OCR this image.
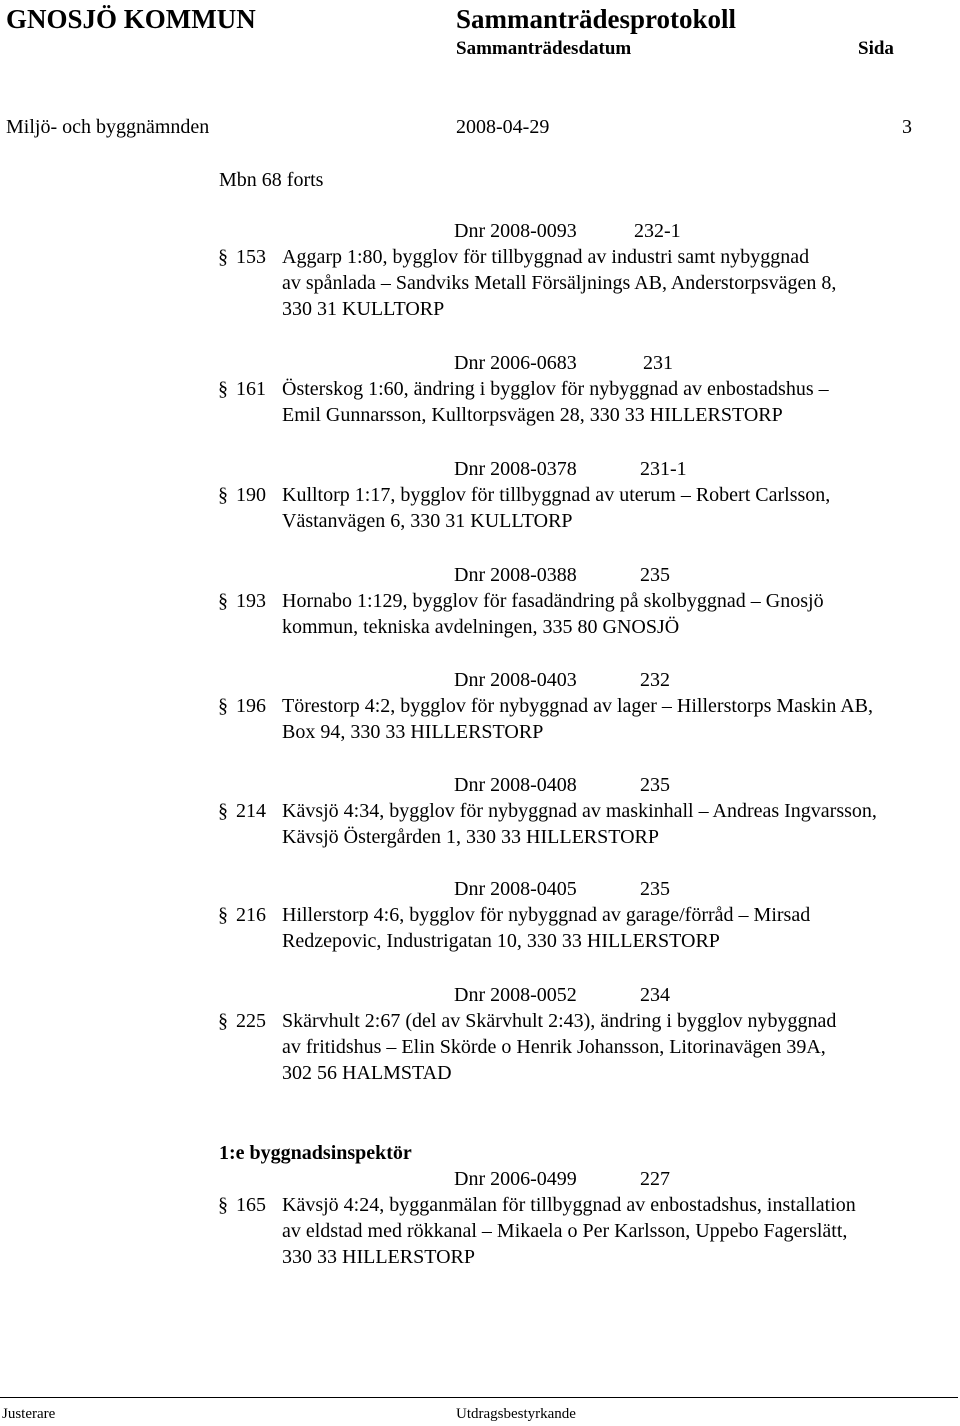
GNOSJÖ KOMMUN	Sammanträdesprotokoll
Sammanträdesdatum	Sida
Miljö- och byggnämnden	2008-04-29	3
Mbn 68 forts
Dnr 2008-0093	232-1
§ 153 Aggarp 1:80, bygglov för tillbyggnad av industri samt nybyggnad
av spånlada – Sandviks Metall Försäljnings AB, Anderstorpsvägen 8,
330 31 KULLTORP
Dnr 2006-0683	231
§ 161 Österskog 1:60, ändring i bygglov för nybyggnad av enbostadshus –
Emil Gunnarsson, Kulltorpsvägen 28, 330 33 HILLERSTORP
Dnr 2008-0378	231-1
§ 190 Kulltorp 1:17, bygglov för tillbyggnad av uterum – Robert Carlsson,
Västanvägen 6, 330 31 KULLTORP
Dnr 2008-0388	235
§ 193 Hornabo 1:129, bygglov för fasadändring på skolbyggnad – Gnosjö
kommun, tekniska avdelningen, 335 80 GNOSJÖ
Dnr 2008-0403	232
§ 196 Törestorp 4:2, bygglov för nybyggnad av lager – Hillerstorps Maskin AB,
Box 94, 330 33 HILLERSTORP
Dnr 2008-0408	235
§ 214 Kävsjö 4:34, bygglov för nybyggnad av maskinhall – Andreas Ingvarsson,
Kävsjö Östergården 1, 330 33 HILLERSTORP
Dnr 2008-0405	235
§ 216 Hillerstorp 4:6, bygglov för nybyggnad av garage/förråd – Mirsad
Redzepovic, Industrigatan 10, 330 33 HILLERSTORP
Dnr 2008-0052	234
§ 225 Skärvhult 2:67 (del av Skärvhult 2:43), ändring i bygglov nybyggnad
av fritidshus – Elin Skörde o Henrik Johansson, Litorinavägen 39A,
302 56 HALMSTAD
1:e byggnadsinspektör
Dnr 2006-0499	227
§ 165 Kävsjö 4:24, bygganmälan för tillbyggnad av enbostadshus, installation
av eldstad med rökkanal – Mikaela o Per Karlsson, Uppebo Fagerslätt,
330 33 HILLERSTORP
Justerare	Utdragsbestyrkande
